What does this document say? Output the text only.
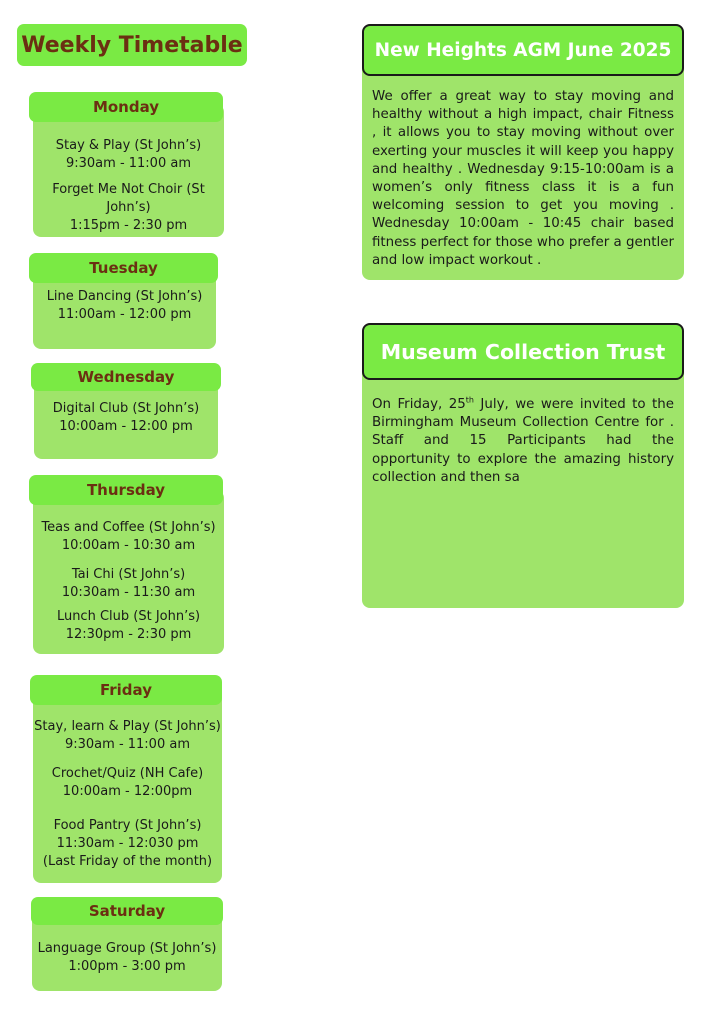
Weekly Timetable
Stay & Play (St John’s)
9:30am - 11:00 am
Forget Me Not Choir (St
John’s)
1:15pm - 2:30 pm
Monday
Line Dancing (St John’s)
11:00am - 12:00 pm
Tuesday
Digital Club (St John’s)
10:00am - 12:00 pm
Wednesday
Teas and Coffee (St John’s)
10:00am - 10:30 am
Tai Chi (St John’s)
10:30am - 11:30 am
Lunch Club (St John’s)
12:30pm - 2:30 pm
Thursday
Stay, learn & Play (St John’s)
9:30am - 11:00 am
Crochet/Quiz (NH Cafe)
10:00am - 12:00pm
Food Pantry (St John’s)
11:30am - 12:030 pm
(Last Friday of the month)
Friday
Language Group (St John’s)
1:00pm - 3:00 pm
Saturday
We offer a great way to stay moving and healthy without a high impact, chair Fitness , it allows you to stay moving without over exerting your muscles it will keep you happy and healthy . Wednesday 9:15-10:00am is a women’s only fitness class it is a fun welcoming session to get you moving . Wednesday 10:00am - 10:45 chair based fitness perfect for those who prefer a gentler and low impact workout .
New Heights AGM June 2025
On Friday, 25th July, we were invited to the Birmingham Museum Collection Centre for . Staff and 15 Participants had the opportunity to explore the amazing history collection and then sa
Museum Collection Trust
